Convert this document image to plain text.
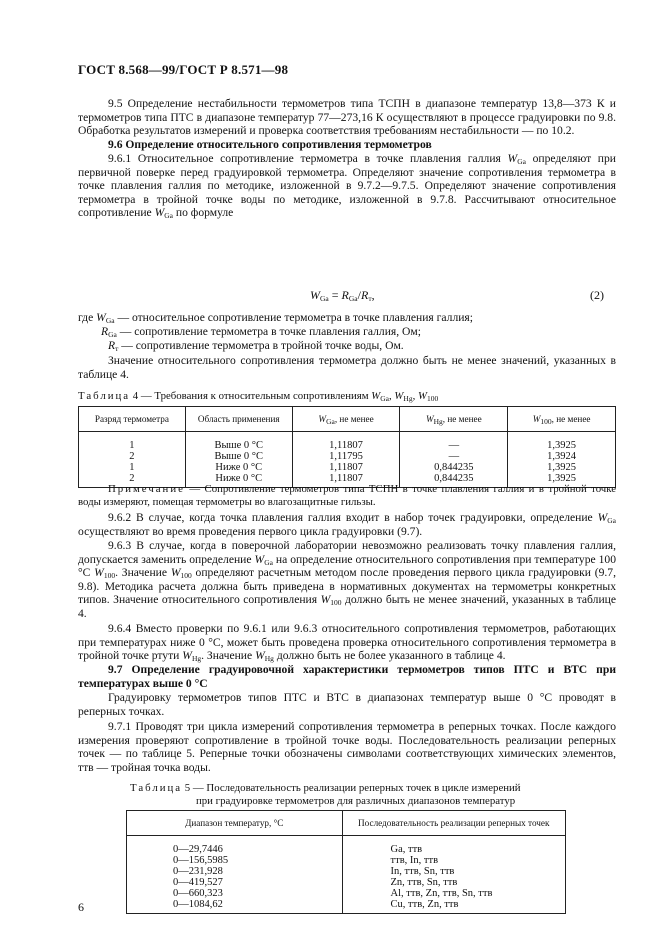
ГОСТ 8.568—99/ГОСТ Р 8.571—98

9.5 Определение нестабильности термометров типа ТСПН в диапазоне температур 13,8—373 К и термометров типа ПТС в диапазоне температур 77—273,16 К осуществляют в процессе градуировки по 9.8. Обработка результатов измерений и проверка соответствия требованиям нестабильности — по 10.2.

9.6 Определение относительного сопротивления термометров

9.6.1 Относительное сопротивление термометра в точке плавления галлия $W_{Ga}$ определяют при первичной поверке перед градуировкой термометра. Определяют значение сопротивления термометра в точке плавления галлия по методике, изложенной в 9.7.2—9.7.5. Определяют значение сопротивления термометра в тройной точке воды по методике, изложенной в 9.7.8. Рассчитывают относительное сопротивление $W_{Ga}$ по формуле

$W_{Ga} = R_{Ga}/R_т$,	(2)
где $W_{Ga}$ — относительное сопротивление термометра в точке плавления галлия;
$R_{Ga}$ — сопротивление термометра в точке плавления галлия, Ом;
$R_т$ — сопротивление термометра в тройной точке воды, Ом.

Значение относительного сопротивления термометра должно быть не менее значений, указанных в таблице 4.

Таблица 4 — Требования к относительным сопротивлениям $W_{Ga}$, $W_{Hg}$, $W_{100}$
Разряд термометра	Область применения	$W_{Ga}$, не менее	$W_{Hg}$, не менее	$W_{100}$, не менее
1	Выше 0 °С	1,11807	—	1,3925
2	Выше 0 °С	1,11795	—	1,3924
1	Ниже 0 °С	1,11807	0,844235	1,3925
2	Ниже 0 °С	1,11807	0,844235	1,3925
Примечание — Сопротивление термометров типа ТСПН в точке плавления галлия и в тройной точке воды измеряют, помещая термометры во влагозащитные гильзы.

9.6.2 В случае, когда точка плавления галлия входит в набор точек градуировки, определение $W_{Ga}$ осуществляют во время проведения первого цикла градуировки (9.7).

9.6.3 В случае, когда в поверочной лаборатории невозможно реализовать точку плавления галлия, допускается заменить определение $W_{Ga}$ на определение относительного сопротивления при температуре 100 °С $W_{100}$. Значение $W_{100}$ определяют расчетным методом после проведения первого цикла градуировки (9.7, 9.8). Методика расчета должна быть приведена в нормативных документах на термометры конкретных типов. Значение относительного сопротивления $W_{100}$ должно быть не менее значений, указанных в таблице 4.

9.6.4 Вместо проверки по 9.6.1 или 9.6.3 относительного сопротивления термометров, работающих при температурах ниже 0 °С, может быть проведена проверка относительного сопротивления термометра в тройной точке ртути $W_{Hg}$. Значение $W_{Hg}$ должно быть не более указанного в таблице 4.

9.7 Определение градуировочной характеристики термометров типов ПТС и ВТС при температурах выше 0 °С

Градуировку термометров типов ПТС и ВТС в диапазонах температур выше 0 °С проводят в реперных точках.

9.7.1 Проводят три цикла измерений сопротивления термометра в реперных точках. После каждого измерения проверяют сопротивление в тройной точке воды. Последовательность реализации реперных точек — по таблице 5. Реперные точки обозначены символами соответствующих химических элементов, ттв — тройная точка воды.

Таблица 5 — Последовательность реализации реперных точек в цикле измерений
при градуировке термометров для различных диапазонов температур
Диапазон температур, °С	Последовательность реализации реперных точек
0—29,7446	Ga, ттв
0—156,5985	ттв, In, ттв
0—231,928	In, ттв, Sn, ттв
0—419,527	Zn, ттв, Sn, ттв
0—660,323	Al, ттв, Zn, ттв, Sn, ттв
0—1084,62	Cu, ттв, Zn, ттв
6
